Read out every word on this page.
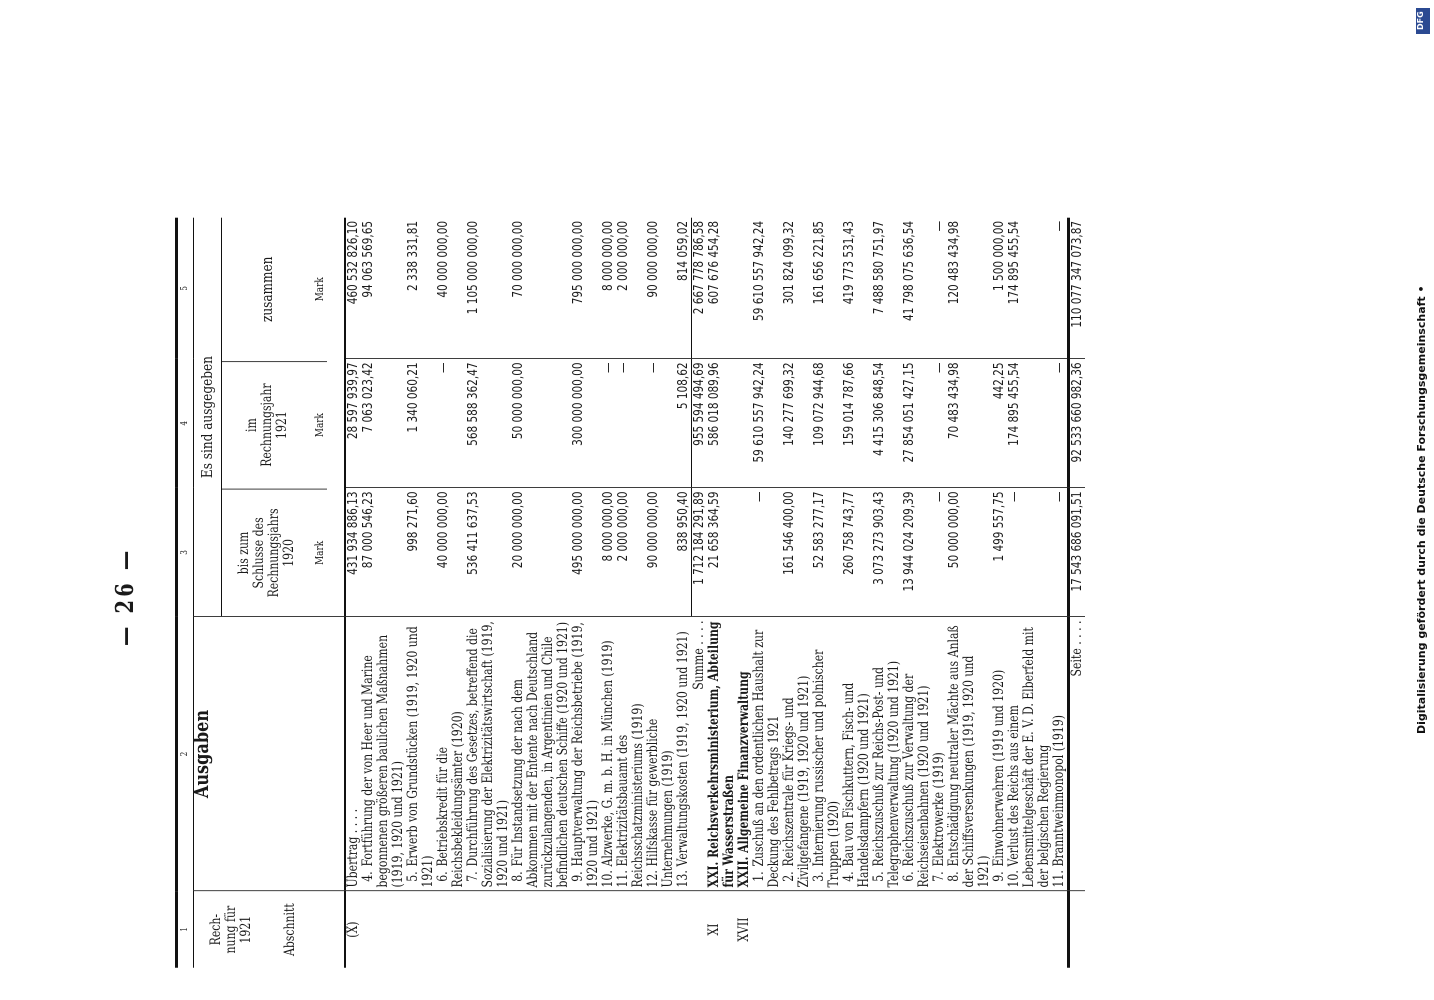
DFG
Digitalisierung gefördert durch die Deutsche Forschungsgemeinschaft •
— 26 —
1	2	3	4	5

Rech-
nung für
1921 Abschnitt

	Ausgaben	
Es sind ausgegeben
bis zum
Schlusse des
Rechnungsjahrs
1920	im
Rechnungsjahr
1921	zusammen
Mark	Mark	Mark

(X)	Übertrag . . . .	431 934 886,13	28 597 939,97	460 532 826,10
	4.Fortführung der von Heer und Marine begonnenen größeren baulichen Maßnahmen (1919, 1920 und 1921)	87 000 546,23	7 063 023,42	94 063 569,65
	5.Erwerb von Grundstücken (1919, 1920 und 1921)	998 271,60	1 340 060,21	2 338 331,81
	6.Betriebskredit für die Reichsbekleidungsämter (1920)	40 000 000,00	—	40 000 000,00
	7.Durchführung des Gesetzes, betreffend die Sozialisierung der Elektrizitätswirtschaft (1919, 1920 und 1921)	536 411 637,53	568 588 362,47	1 105 000 000,00
	8.Für Instandsetzung der nach dem Abkommen mit der Entente nach Deutschland zurückzulangenden, in Argentinien und Chile befindlichen deutschen Schiffe (1920 und 1921)	20 000 000,00	50 000 000,00	70 000 000,00
	9.Hauptverwaltung der Reichsbetriebe (1919, 1920 und 1921)	495 000 000,00	300 000 000,00	795 000 000,00
	10.Alzwerke, G. m. b. H. in München (1919)	8 000 000,00	—	8 000 000,00
	11.Elektrizitätsbauamt des Reichsschatzministeriums (1919)	2 000 000,00	—	2 000 000,00
	12.Hilfskasse für gewerbliche Unternehmungen (1919)	90 000 000,00	—	90 000 000,00
	13.Verwaltungskosten (1919, 1920 und 1921)	838 950,40	5 108,62	814 059,02
	Summe . . . .	1 712 184 291,89	955 594 494,69	2 667 778 786,58
XI	XXI. Reichsverkehrsministerium, Abteilung für Wasserstraßen	21 658 364,59	586 018 089,96	607 676 454,28
XVII	XXII. Allgemeine Finanzverwaltung			
	1.Zuschuß an den ordentlichen Haushalt zur Deckung des Fehlbetrags 1921	—	59 610 557 942,24	59 610 557 942,24
	2.Reichszentrale für Kriegs- und Zivilgefangene (1919, 1920 und 1921)	161 546 400,00	140 277 699,32	301 824 099,32
	3.Internierung russischer und polnischer Truppen (1920)	52 583 277,17	109 072 944,68	161 656 221,85
	4.Bau von Fischkuttern, Fisch- und Handelsdampfern (1920 und 1921)	260 758 743,77	159 014 787,66	419 773 531,43
	5.Reichszuschuß zur Reichs-Post- und Telegraphenverwaltung (1920 und 1921)	3 073 273 903,43	4 415 306 848,54	7 488 580 751,97
	6.Reichszuschuß zur Verwaltung der Reichseisenbahnen (1920 und 1921)	13 944 024 209,39	27 854 051 427,15	41 798 075 636,54
	7.Elektrowerke (1919)	—	—	—
	8.Entschädigung neutraler Mächte aus Anlaß der Schiffsversenkungen (1919, 1920 und 1921)	50 000 000,00	70 483 434,98	120 483 434,98
	9.Einwohnerwehren (1919 und 1920)	1 499 557,75	442,25	1 500 000,00
	10.Verlust des Reichs aus einem Lebensmittelgeschäft der E. V. D. Elberfeld mit der belgischen Regierung	—	174 895 455,54	174 895 455,54
	11.Branntweinmonopol (1919)	—	—	—
	Seite . . . .	17 543 686 091,51	92 533 660 982,36	110 077 347 073,87
